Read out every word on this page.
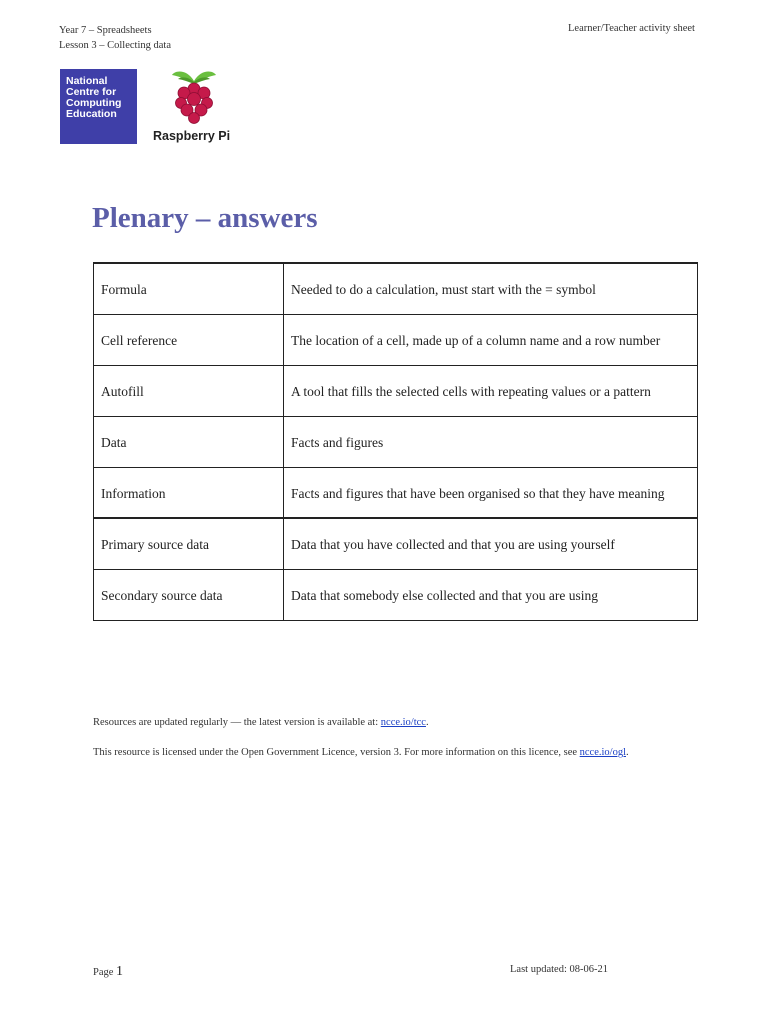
Year 7 – Spreadsheets
Lesson 3 – Collecting data
Learner/Teacher activity sheet
National
Centre for
Computing
Education
Raspberry Pi
Plenary – answers
Formula	Needed to do a calculation, must start with the = symbol
Cell reference	The location of a cell, made up of a column name and a row number
Autofill	A tool that fills the selected cells with repeating values or a pattern
Data	Facts and figures
Information	Facts and figures that have been organised so that they have meaning
Primary source data	Data that you have collected and that you are using yourself
Secondary source data	Data that somebody else collected and that you are using
Resources are updated regularly — the latest version is available at: ncce.io/tcc.
This resource is licensed under the Open Government Licence, version 3. For more information on this licence, see ncce.io/ogl.
Page 1	Last updated: 08-06-21
